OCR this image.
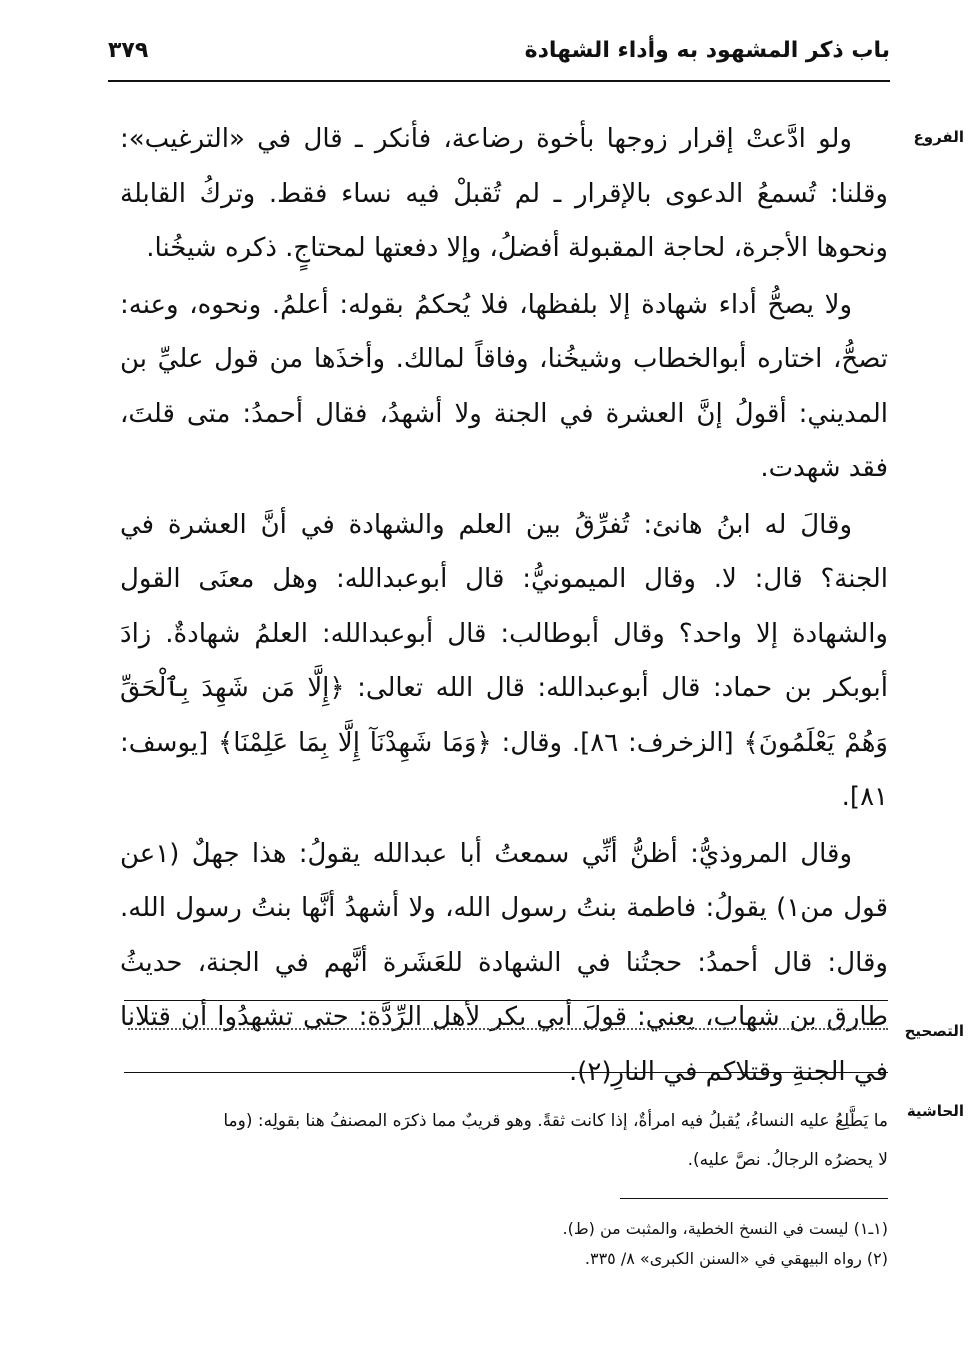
باب ذكر المشهود به وأداء الشهادة
٣٧٩
الفروع

ولو ادَّعتْ إقرار زوجها بأخوة رضاعة، فأنكر ـ قال في «الترغيب»: وقلنا: تُسمعُ الدعوى بالإقرار ـ لم تُقبلْ فيه نساء فقط. وتركُ القابلة ونحوها الأجرة، لحاجة المقبولة أفضلُ، وإلا دفعتها لمحتاجٍ. ذكره شيخُنا.

ولا يصحُّ أداء شهادة إلا بلفظها، فلا يُحكمُ بقوله: أعلمُ. ونحوه، وعنه: تصحُّ، اختاره أبوالخطاب وشيخُنا، وفاقاً لمالك. وأخذَها من قول عليِّ بن المديني: أقولُ إنَّ العشرة في الجنة ولا أشهدُ، فقال أحمدُ: متى قلتَ، فقد شهدت.

وقالَ له ابنُ هانئ: تُفرِّقُ بين العلم والشهادة في أنَّ العشرة في الجنة؟ قال: لا. وقال الميمونيُّ: قال أبوعبدالله: وهل معنَى القول والشهادة إلا واحد؟ وقال أبوطالب: قال أبوعبدالله: العلمُ شهادةٌ. زادَ أبوبكر بن حماد: قال أبوعبدالله: قال الله تعالى: ﴿إِلَّا مَن شَهِدَ بِٱلْحَقِّ وَهُمْ يَعْلَمُونَ﴾ [الزخرف: ٨٦]. وقال: ﴿وَمَا شَهِدْنَآ إِلَّا بِمَا عَلِمْنَا﴾ [يوسف: ٨١].

وقال المروذيُّ: أظنُّ أنِّي سمعتُ أبا عبدالله يقولُ: هذا جهلٌ (١عن قول من١) يقولُ: فاطمة بنتُ رسول الله، ولا أشهدُ أنَّها بنتُ رسول الله. وقال: قال أحمدُ: حجتُنا في الشهادة للعَشَرة أنَّهم في الجنة، حديثُ طارق بن شهاب، يعني: قولَ أبي بكر لأهل الرِّدَّة: حتى تشهدُوا أن قتلانا في الجنةِ وقتلاكم في النارِ(٢).

التصحيح
الحاشية

ما يَطَّلِعُ عليه النساءُ، يُقبلُ فيه امرأةٌ، إذا كانت ثقةً. وهو قريبٌ مما ذكرَه المصنفُ هنا بقولِه: (وما

لا يحضرُه الرجالُ. نصَّ عليه).

(١ـ١) ليست في النسخ الخطية، والمثبت من (ط).

(٢) رواه البيهقي في «السنن الكبرى» ٨/ ٣٣٥.
